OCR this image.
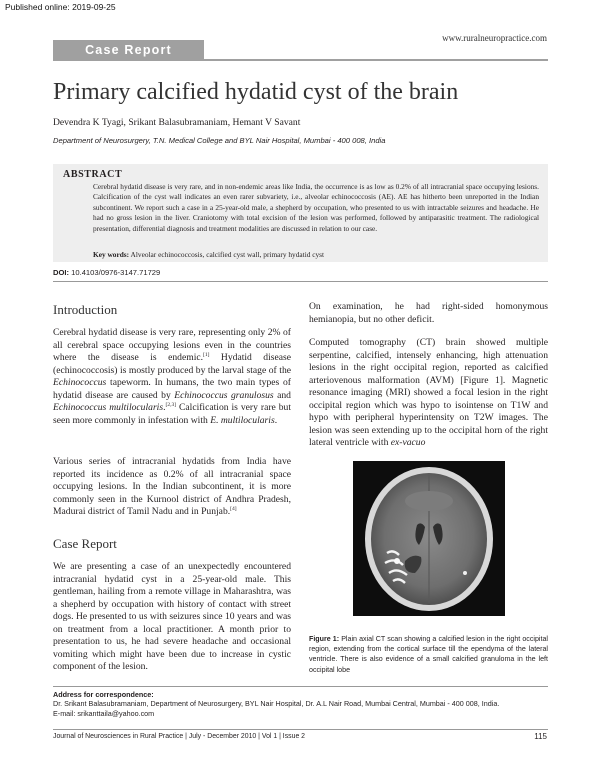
Published online: 2019-09-25
www.ruralneuropractice.com
Case Report
Primary calcified hydatid cyst of the brain
Devendra K Tyagi, Srikant Balasubramaniam, Hemant V Savant
Department of Neurosurgery, T.N. Medical College and BYL Nair Hospital, Mumbai - 400 008, India
ABSTRACT
Cerebral hydatid disease is very rare, and in non-endemic areas like India, the occurrence is as low as 0.2% of all intracranial space occupying lesions. Calcification of the cyst wall indicates an even rarer subvariety, i.e., alveolar echinococcosis (AE). AE has hitherto been unreported in the Indian subcontinent. We report such a case in a 25-year-old male, a shepherd by occupation, who presented to us with intractable seizures and headache. He had no gross lesion in the liver. Craniotomy with total excision of the lesion was performed, followed by antiparasitic treatment. The radiological presentation, differential diagnosis and treatment modalities are discussed in relation to our case.
Key words: Alveolar echinococcosis, calcified cyst wall, primary hydatid cyst
DOI: 10.4103/0976-3147.71729
Introduction
Cerebral hydatid disease is very rare, representing only 2% of all cerebral space occupying lesions even in the countries where the disease is endemic.[1] Hydatid disease (echinococcosis) is mostly produced by the larval stage of the Echinococcus tapeworm. In humans, the two main types of hydatid disease are caused by Echinococcus granulosus and Echinococcus multilocularis.[2,3] Calcification is very rare but seen more commonly in infestation with E. multilocularis.
Various series of intracranial hydatids from India have reported its incidence as 0.2% of all intracranial space occupying lesions. In the Indian subcontinent, it is more commonly seen in the Kurnool district of Andhra Pradesh, Madurai district of Tamil Nadu and in Punjab.[4]
Case Report
We are presenting a case of an unexpectedly encountered intracranial hydatid cyst in a 25-year-old male. This gentleman, hailing from a remote village in Maharashtra, was a shepherd by occupation with history of contact with street dogs. He presented to us with seizures since 10 years and was on treatment from a local practitioner. A month prior to presentation to us, he had severe headache and occasional vomiting which might have been due to increase in cystic component of the lesion.
On examination, he had right-sided homonymous hemianopia, but no other deficit.
Computed tomography (CT) brain showed multiple serpentine, calcified, intensely enhancing, high attenuation lesions in the right occipital region, reported as calcified arteriovenous malformation (AVM) [Figure 1]. Magnetic resonance imaging (MRI) showed a focal lesion in the right occipital region which was hypo to isointense on T1W and hypo with peripheral hyperintensity on T2W images. The lesion was seen extending up to the occipital horn of the right lateral ventricle with ex-vacuo
Figure 1: Plain axial CT scan showing a calcified lesion in the right occipital region, extending from the cortical surface till the ependyma of the lateral ventricle. There is also evidence of a small calcified granuloma in the left occipital lobe
Address for correspondence:
Dr. Srikant Balasubramaniam, Department of Neurosurgery, BYL Nair Hospital, Dr. A.L Nair Road, Mumbai Central, Mumbai - 400 008, India.
E-mail: srikanttaila@yahoo.com
Journal of Neurosciences in Rural Practice | July - December 2010 | Vol 1 | Issue 2	115
